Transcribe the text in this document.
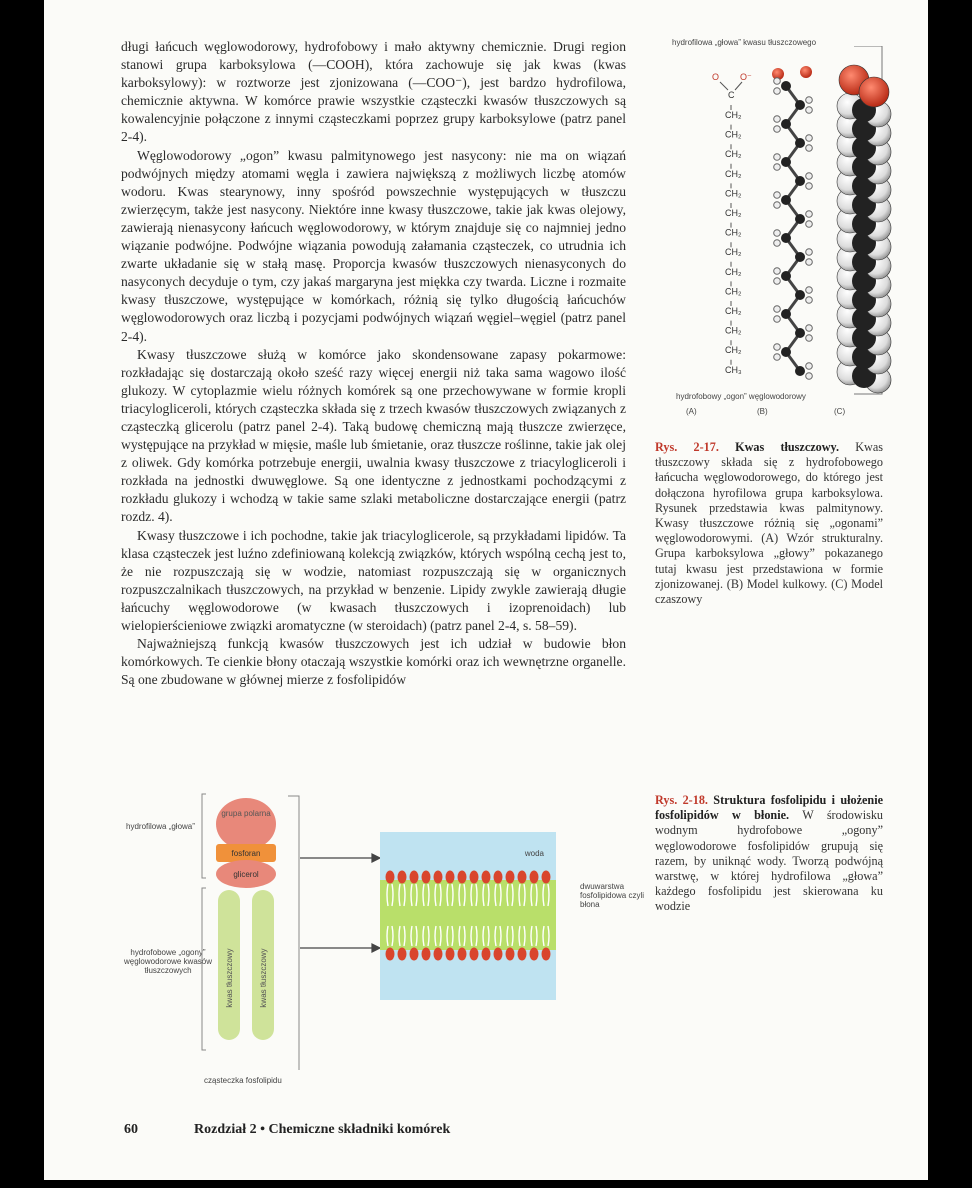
długi łańcuch węglowodorowy, hydrofobowy i mało aktywny chemicznie. Drugi region stanowi grupa karboksylowa (—COOH), która zachowuje się jak kwas (kwas karboksylowy): w roztworze jest zjonizowana (—COO⁻), jest bardzo hydrofilowa, chemicznie aktywna. W komórce prawie wszystkie cząsteczki kwasów tłuszczowych są kowalencyjnie połączone z innymi cząsteczkami poprzez grupy karboksylowe (patrz panel 2-4).

Węglowodorowy „ogon” kwasu palmitynowego jest nasycony: nie ma on wiązań podwójnych między atomami węgla i zawiera największą z możliwych liczbę atomów wodoru. Kwas stearynowy, inny spośród powszechnie występujących w tłuszczu zwierzęcym, także jest nasycony. Niektóre inne kwasy tłuszczowe, takie jak kwas olejowy, zawierają nienasycony łańcuch węglowodorowy, w którym znajduje się co najmniej jedno wiązanie podwójne. Podwójne wiązania powodują załamania cząsteczek, co utrudnia ich zwarte układanie się w stałą masę. Proporcja kwasów tłuszczowych nienasyconych do nasyconych decyduje o tym, czy jakaś margaryna jest miękka czy twarda. Liczne i rozmaite kwasy tłuszczowe, występujące w komórkach, różnią się tylko długością łańcuchów węglowodorowych oraz liczbą i pozycjami podwójnych wiązań węgiel–węgiel (patrz panel 2-4).

Kwasy tłuszczowe służą w komórce jako skondensowane zapasy pokarmowe: rozkładając się dostarczają około sześć razy więcej energii niż taka sama wagowo ilość glukozy. W cytoplazmie wielu różnych komórek są one przechowywane w formie kropli triacylogliceroli, których cząsteczka składa się z trzech kwasów tłuszczowych związanych z cząsteczką glicerolu (patrz panel 2-4). Taką budowę chemiczną mają tłuszcze zwierzęce, występujące na przykład w mięsie, maśle lub śmietanie, oraz tłuszcze roślinne, takie jak olej z oliwek. Gdy komórka potrzebuje energii, uwalnia kwasy tłuszczowe z triacylogliceroli i rozkłada na jednostki dwuwęglowe. Są one identyczne z jednostkami pochodzącymi z rozkładu glukozy i wchodzą w takie same szlaki metaboliczne dostarczające energii (patrz rozdz. 4).

Kwasy tłuszczowe i ich pochodne, takie jak triacyloglicerole, są przykładami lipidów. Ta klasa cząsteczek jest luźno zdefiniowaną kolekcją związków, których wspólną cechą jest to, że nie rozpuszczają się w wodzie, natomiast rozpuszczają się w organicznych rozpuszczalnikach tłuszczowych, na przykład w benzenie. Lipidy zwykle zawierają długie łańcuchy węglowodorowe (w kwasach tłuszczowych i izoprenoidach) lub wielopierścieniowe związki aromatyczne (w steroidach) (patrz panel 2-4, s. 58–59).

Najważniejszą funkcją kwasów tłuszczowych jest ich udział w budowie błon komórkowych. Te cienkie błony otaczają wszystkie komórki oraz ich wewnętrzne organelle. Są one zbudowane w głównej mierze z fosfolipidów

hydrofilowa „głowa” kwasu tłuszczowego
O O⁻
C
CH₂
CH₂
CH₂
CH₂
CH₂
CH₂
CH₂
CH₂
CH₂
CH₂
CH₂
CH₂
CH₂
CH₃
hydrofobowy „ogon” węglowodorowy
(A)	(B)	(C)
Rys. 2-17. Kwas tłuszczowy. Kwas tłuszczowy składa się z hydrofobowego łańcucha węglowodorowego, do którego jest dołączona hyrofilowa grupa karboksylowa. Rysunek przedstawia kwas palmitynowy. Kwasy tłuszczowe różnią się „ogonami” węglowodorowymi. (A) Wzór strukturalny. Grupa karboksylowa „głowy” pokazanego tutaj kwasu jest przedstawiona w formie zjonizowanej. (B) Model kulkowy. (C) Model czaszowy
hydrofilowa „głowa”
hydrofobowe „ogony” węglowodorowe kwasów tłuszczowych
grupa polarna
fosforan
glicerol
kwas tłuszczowy	kwas tłuszczowy
woda
dwuwarstwa fosfolipidowa czyli błona
cząsteczka fosfolipidu
Rys. 2-18. Struktura fosfolipidu i ułożenie fosfolipidów w błonie. W środowisku wodnym hydrofobowe „ogony” węglowodorowe fosfolipidów grupują się razem, by uniknąć wody. Tworzą podwójną warstwę, w której hydrofilowa „głowa” każdego fosfolipidu jest skierowana ku wodzie
60	Rozdział 2 • Chemiczne składniki komórek
